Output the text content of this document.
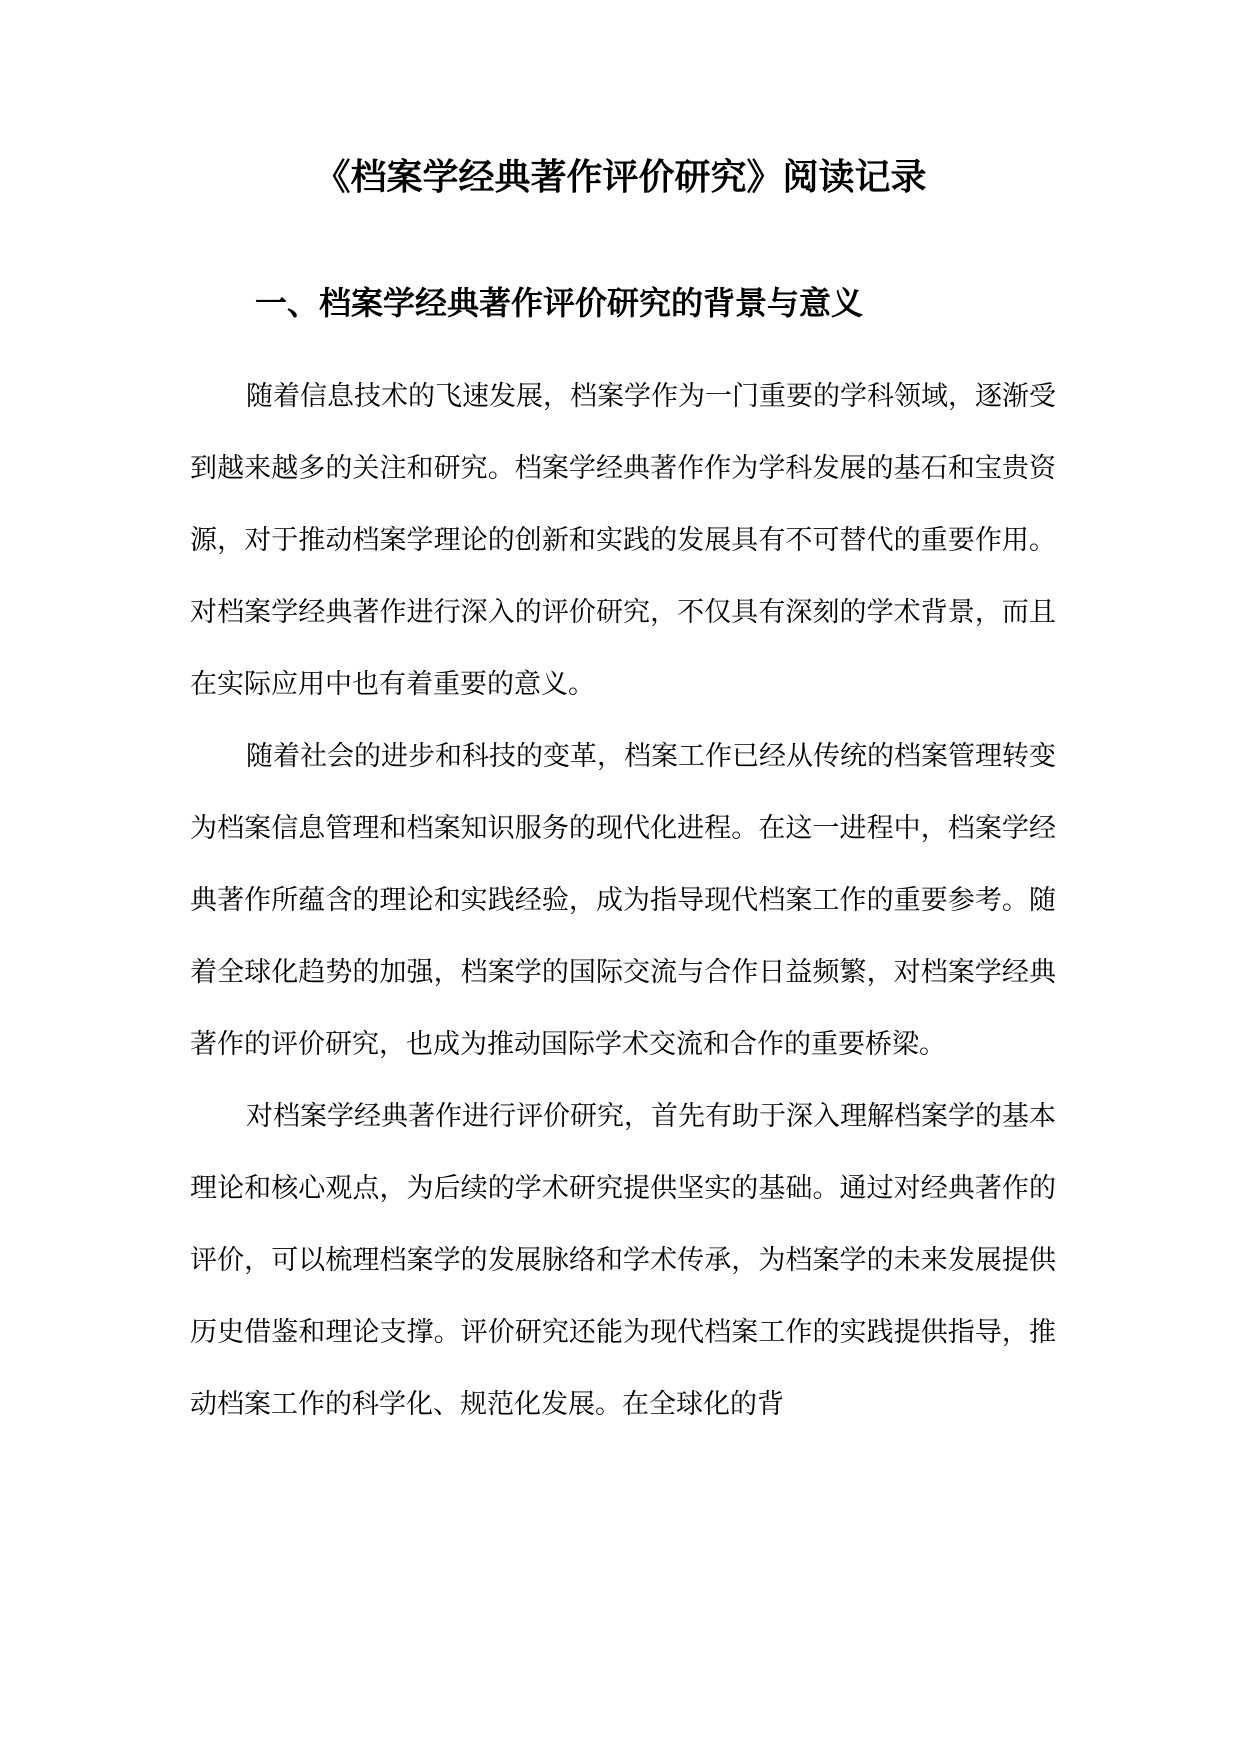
《档案学经典著作评价研究》阅读记录
一、档案学经典著作评价研究的背景与意义

随着信息技术的飞速发展，档案学作为一门重要的学科领域，逐渐受到越来越多的关注和研究。档案学经典著作作为学科发展的基石和宝贵资源，对于推动档案学理论的创新和实践的发展具有不可替代的重要作用。对档案学经典著作进行深入的评价研究，不仅具有深刻的学术背景，而且在实际应用中也有着重要的意义。

随着社会的进步和科技的变革，档案工作已经从传统的档案管理转变为档案信息管理和档案知识服务的现代化进程。在这一进程中，档案学经典著作所蕴含的理论和实践经验，成为指导现代档案工作的重要参考。随着全球化趋势的加强，档案学的国际交流与合作日益频繁，对档案学经典著作的评价研究，也成为推动国际学术交流和合作的重要桥梁。

对档案学经典著作进行评价研究，首先有助于深入理解档案学的基本理论和核心观点，为后续的学术研究提供坚实的基础。通过对经典著作的评价，可以梳理档案学的发展脉络和学术传承，为档案学的未来发展提供历史借鉴和理论支撑。评价研究还能为现代档案工作的实践提供指导，推动档案工作的科学化、规范化发展。在全球化的背
